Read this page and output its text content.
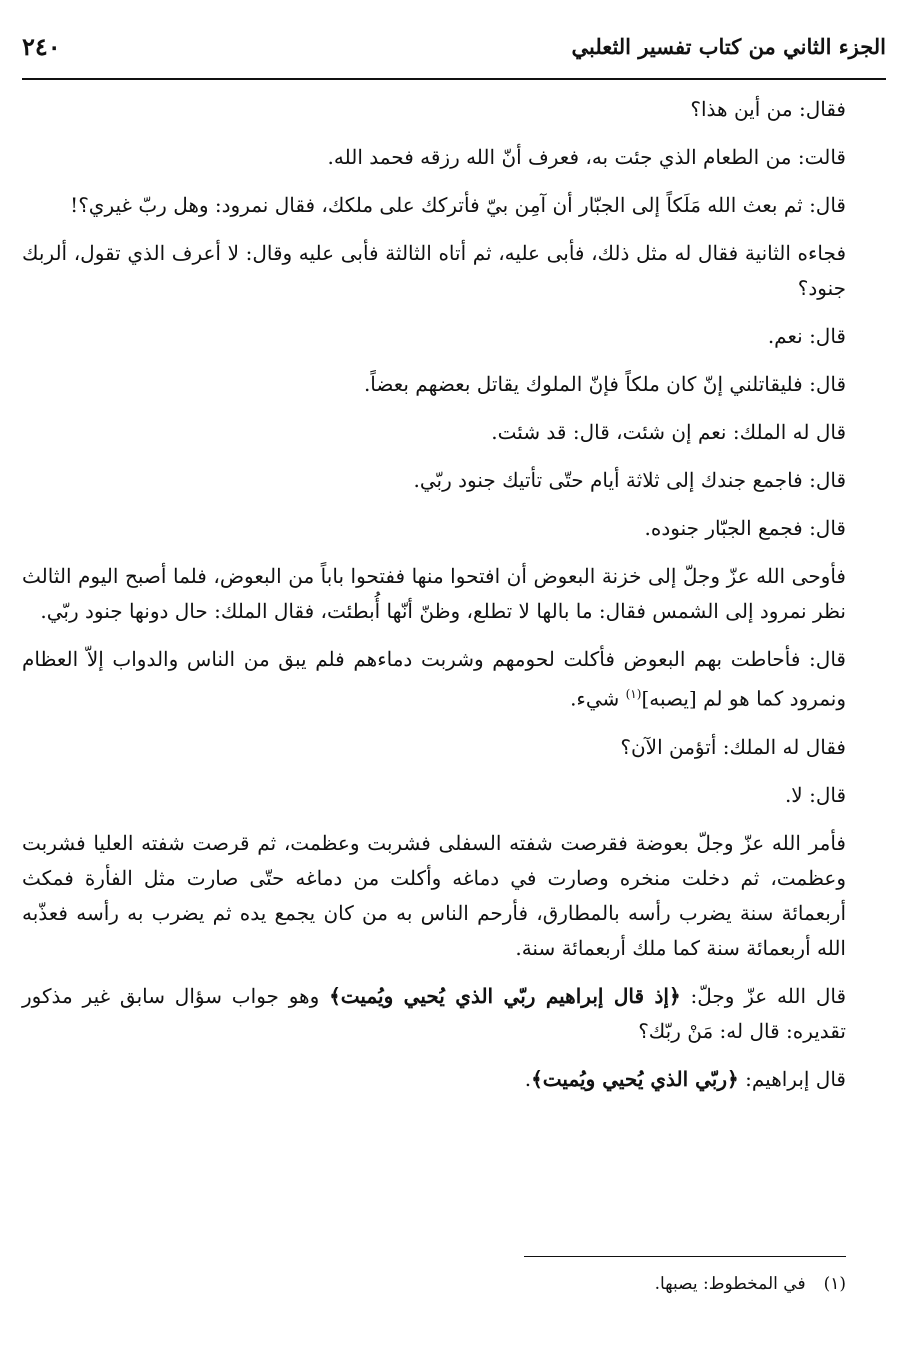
الجزء الثاني من كتاب تفسير الثعلبي
٢٤٠

فقال: من أين هذا؟

قالت: من الطعام الذي جئت به، فعرف أنّ الله رزقه فحمد الله.

قال: ثم بعث الله مَلَكاً إلى الجبّار أن آمِن بيّ فأتركك على ملكك، فقال نمرود: وهل ربّ غيري؟!

فجاءه الثانية فقال له مثل ذلك، فأبى عليه، ثم أتاه الثالثة فأبى عليه وقال: لا أعرف الذي تقول، ألربك جنود؟

قال: نعم.

قال: فليقاتلني إنّ كان ملكاً فإنّ الملوك يقاتل بعضهم بعضاً.

قال له الملك: نعم إن شئت، قال: قد شئت.

قال: فاجمع جندك إلى ثلاثة أيام حتّى تأتيك جنود ربّي.

قال: فجمع الجبّار جنوده.

فأوحى الله عزّ وجلّ إلى خزنة البعوض أن افتحوا منها ففتحوا باباً من البعوض، فلما أصبح اليوم الثالث نظر نمرود إلى الشمس فقال: ما بالها لا تطلع، وظنّ أنّها أُبطئت، فقال الملك: حال دونها جنود ربّي.

قال: فأحاطت بهم البعوض فأكلت لحومهم وشربت دماءهم فلم يبق من الناس والدواب إلاّ العظام ونمرود كما هو لم [يصبه]$^{(١)}$ شيء.

فقال له الملك: أتؤمن الآن؟

قال: لا.

فأمر الله عزّ وجلّ بعوضة فقرصت شفته السفلى فشربت وعظمت، ثم قرصت شفته العليا فشربت وعظمت، ثم دخلت منخره وصارت في دماغه وأكلت من دماغه حتّى صارت مثل الفأرة فمكث أربعمائة سنة يضرب رأسه بالمطارق، فأرحم الناس به من كان يجمع يده ثم يضرب به رأسه فعذّبه الله أربعمائة سنة كما ملك أربعمائة سنة.

قال الله عزّ وجلّ: ﴿إذ قال إبراهيم ربّي الذي يُحيي ويُميت﴾ وهو جواب سؤال سابق غير مذكور تقديره: قال له: مَنْ ربّك؟

قال إبراهيم: ﴿ربّي الذي يُحيي ويُميت﴾.

(١)في المخطوط: يصبها.
